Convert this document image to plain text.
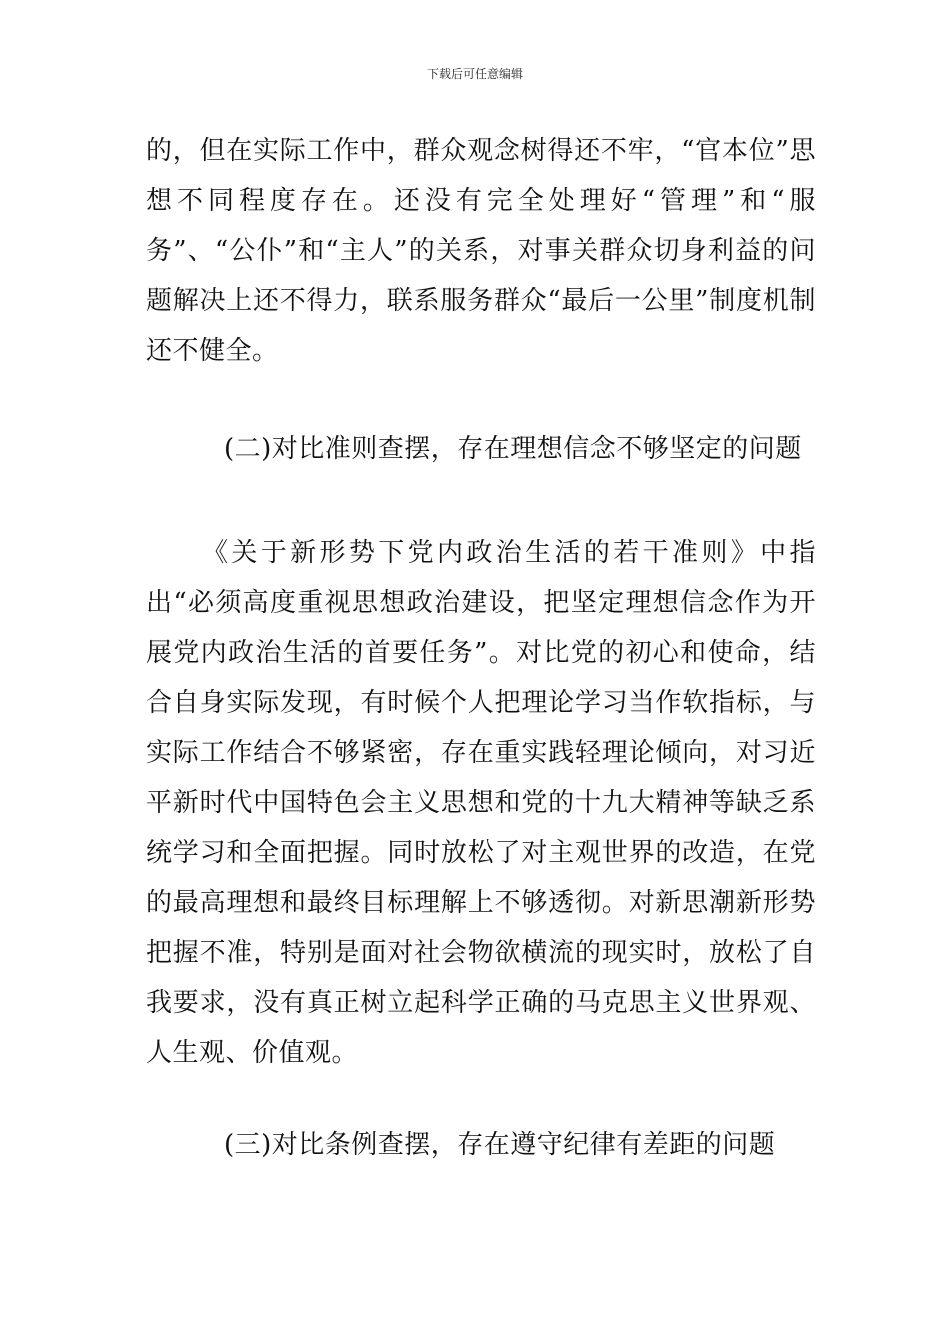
下载后可任意编辑

的，但在实际工作中，群众观念树得还不牢，“官本位”思想不同程度存在。还没有完全处理好“管理”和“服务”、“公仆”和“主人”的关系，对事关群众切身利益的问题解决上还不得力，联系服务群众“最后一公里”制度机制还不健全。

(二)对比准则查摆，存在理想信念不够坚定的问题

《关于新形势下党内政治生活的若干准则》中指出“必须高度重视思想政治建设，把坚定理想信念作为开展党内政治生活的首要任务”。对比党的初心和使命，结合自身实际发现，有时候个人把理论学习当作软指标，与实际工作结合不够紧密，存在重实践轻理论倾向，对习近平新时代中国特色会主义思想和党的十九大精神等缺乏系统学习和全面把握。同时放松了对主观世界的改造，在党的最高理想和最终目标理解上不够透彻。对新思潮新形势把握不准，特别是面对社会物欲横流的现实时，放松了自我要求，没有真正树立起科学正确的马克思主义世界观、人生观、价值观。

(三)对比条例查摆，存在遵守纪律有差距的问题
